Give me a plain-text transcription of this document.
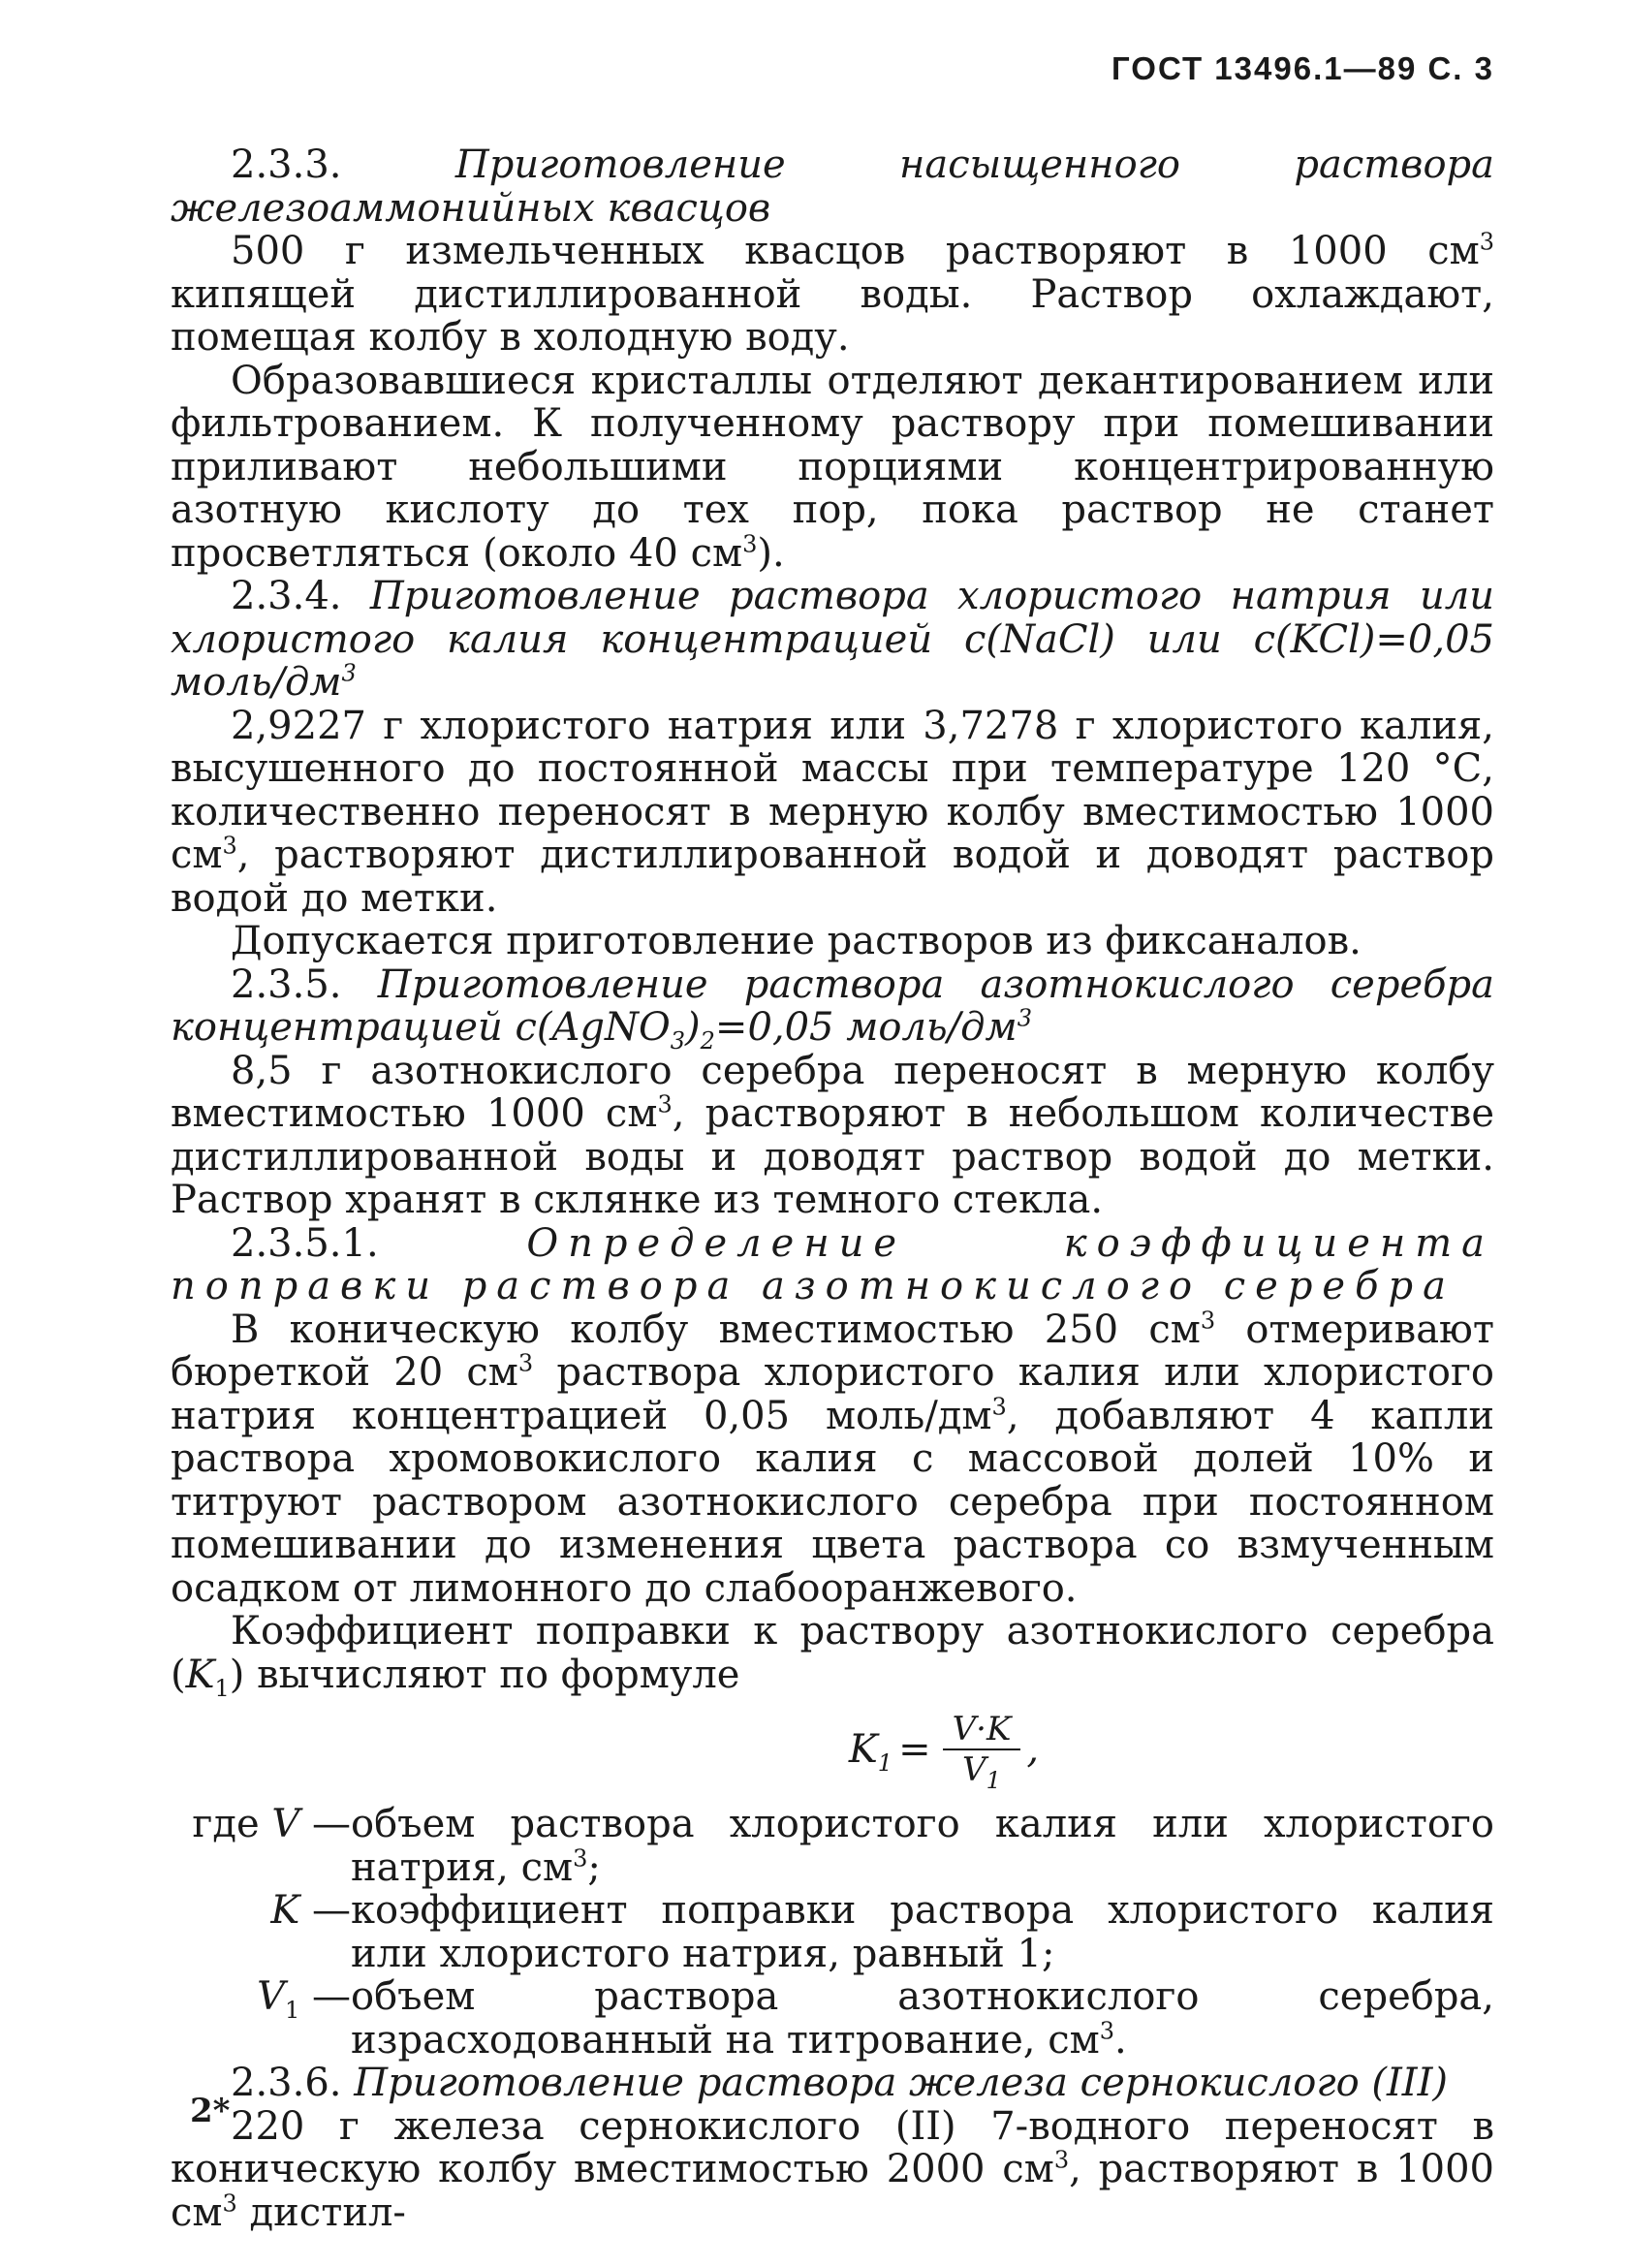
ГОСТ 13496.1—89 С. 3

2.3.3.	Приготовление насыщенного раствора железоаммонийных квасцов

500 г измельченных квасцов растворяют в 1000 $см^3$ кипящей дистиллированной воды. Раствор охлаждают, помещая колбу в холодную воду.

Образовавшиеся кристаллы отделяют декантированием или фильтрованием. К полученному раствору при помешивании приливают небольшими порциями концентрированную азотную кислоту до тех пор, пока раствор не станет просветляться (около 40 $см^3$).

2.3.4. Приготовление раствора хлористого натрия или хлористого калия концентрацией c(NaCl) или c(KCl)=0,05 моль/$дм^3$

2,9227 г хлористого натрия или 3,7278 г хлористого калия, высушенного до постоянной массы при температуре 120 °С, количественно переносят в мерную колбу вместимостью 1000 $см^3$, растворяют дистиллированной водой и доводят раствор водой до метки.

Допускается приготовление растворов из фиксаналов.

2.3.5. Приготовление раствора азотнокислого серебра концентрацией $c(AgNO_3)_2=0,05$ моль/$дм^3$

8,5 г азотнокислого серебра переносят в мерную колбу вместимостью 1000 $см^3$, растворяют в небольшом количестве дистиллированной воды и доводят раствор водой до метки. Раствор хранят в склянке из темного стекла.

2.3.5.1.	Определение коэффициента поправки раствора азотнокислого серебра

В коническую колбу вместимостью 250 $см^3$ отмеривают бюреткой 20 $см^3$ раствора хлористого калия или хлористого натрия концентрацией 0,05 моль/$дм^3$, добавляют 4 капли раствора хромовокислого калия с массовой долей 10% и титруют раствором азотнокислого серебра при постоянном помешивании до изменения цвета раствора со взмученным осадком от лимонного до слабооранжевого.

Коэффициент поправки к раствору азотнокислого серебра $(K_1)$ вычисляют по формуле

$K_1 = \frac{V\cdot K}{V_1}$ ,
где V — объем раствора хлористого калия или хлористого натрия, $см^3$;
K — коэффициент поправки раствора хлористого калия или хлористого натрия, равный 1;
$V_1$ — объем раствора азотнокислого серебра, израсходованный на титрование, $см^3$.

2.3.6. Приготовление раствора железа сернокислого (III)

220 г железа сернокислого (II) 7-водного переносят в коническую колбу вместимостью 2000 $см^3$, растворяют в 1000 $см^3$ дистил-

2*
